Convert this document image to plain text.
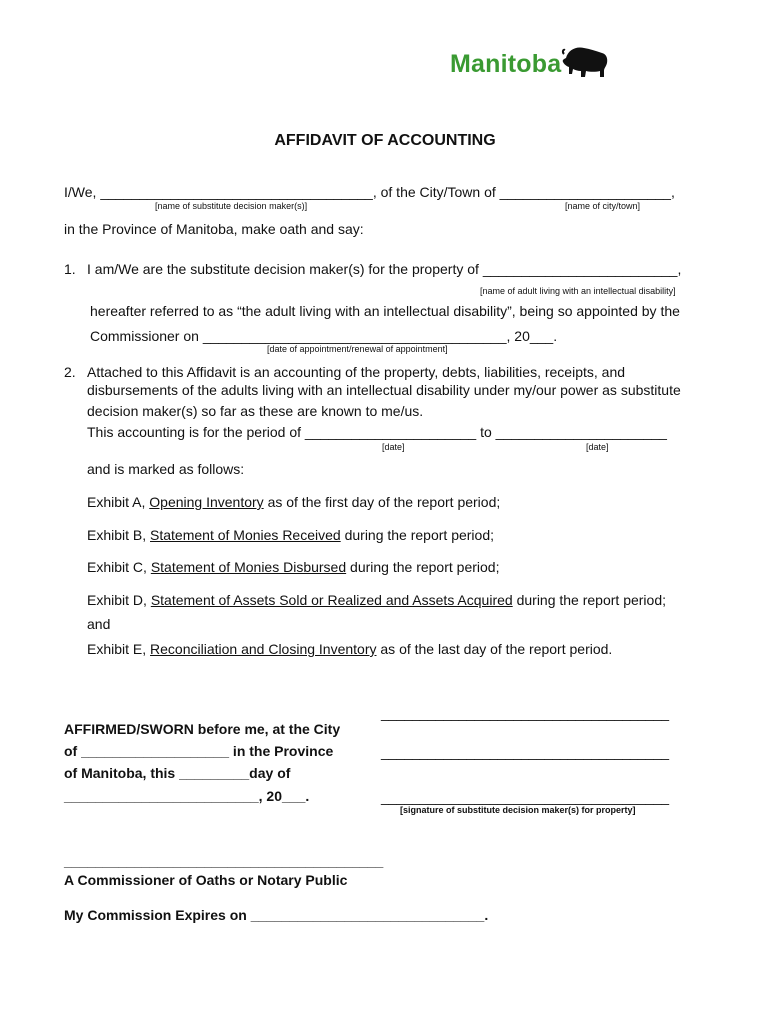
Manitoba
AFFIDAVIT OF ACCOUNTING
I/We, ___________________________________, of the City/Town of ______________________,
[name of substitute decision maker(s)]	[name of city/town]
in the Province of Manitoba, make oath and say:
1. I am/We are the substitute decision maker(s) for the property of _________________________,
[name of adult living with an intellectual disability]
hereafter referred to as “the adult living with an intellectual disability”, being so appointed by the
Commissioner on _______________________________________, 20___.
[date of appointment/renewal of appointment]
2. Attached to this Affidavit is an accounting of the property, debts, liabilities, receipts, and
disbursements of the adults living with an intellectual disability under my/our power as substitute
decision maker(s) so far as these are known to me/us.
This accounting is for the period of ______________________ to ______________________
[date]	[date]
and is marked as follows:
Exhibit A, Opening Inventory as of the first day of the report period;
Exhibit B, Statement of Monies Received during the report period;
Exhibit C, Statement of Monies Disbursed during the report period;
Exhibit D, Statement of Assets Sold or Realized and Assets Acquired during the report period;
and
Exhibit E, Reconciliation and Closing Inventory as of the last day of the report period.
AFFIRMED/SWORN before me, at the City
of ___________________ in the Province
of Manitoba, this _________day of
_________________________, 20___.
_____________________________________
_____________________________________
_____________________________________
[signature of substitute decision maker(s) for property]
_________________________________________
A Commissioner of Oaths or Notary Public
My Commission Expires on ______________________________.
